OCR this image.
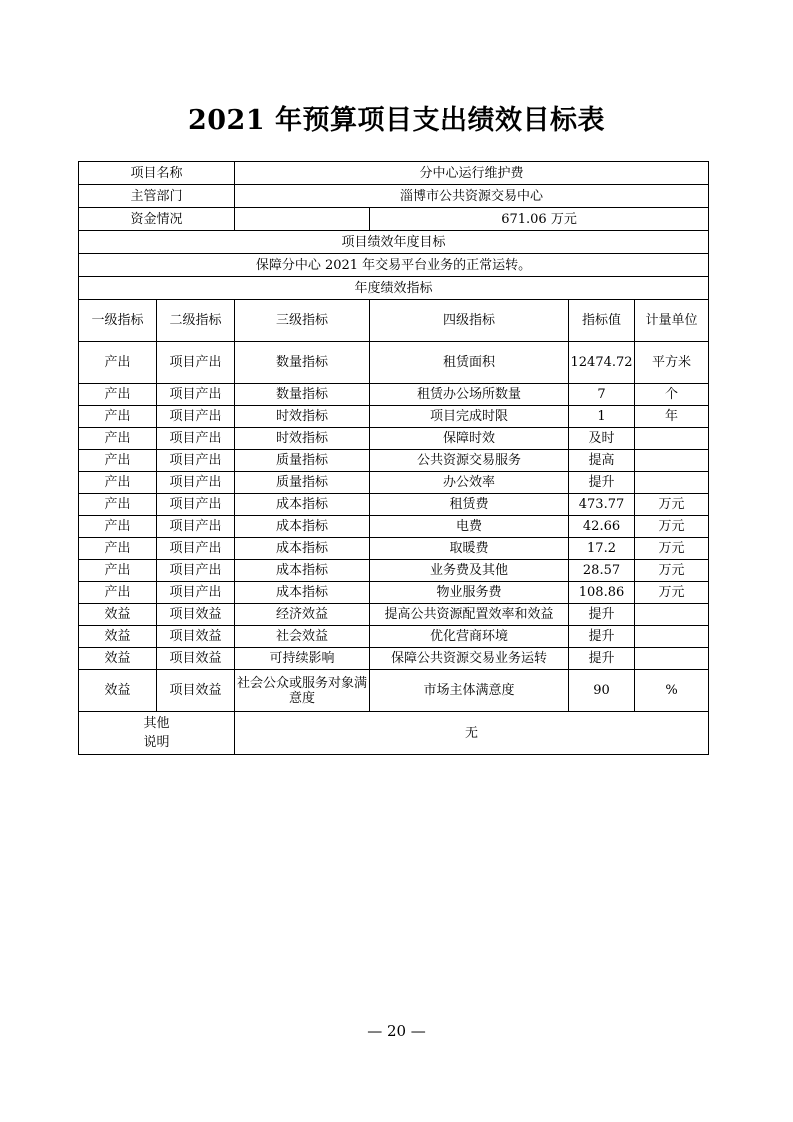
2021 年预算项目支出绩效目标表
项目名称		分中心运行维护费			
主管部门		淄博市公共资源交易中心			
资金情况			671.06 万元		
项目绩效年度目标					
保障分中心 2021 年交易平台业务的正常运转。					
年度绩效指标					
一级指标	二级指标	三级指标	四级指标	指标值	计量单位
产出	项目产出	数量指标	租赁面积	12474.72	平方米
产出	项目产出	数量指标	租赁办公场所数量	7	个
产出	项目产出	时效指标	项目完成时限	1	年
产出	项目产出	时效指标	保障时效	及时	
产出	项目产出	质量指标	公共资源交易服务	提高	
产出	项目产出	质量指标	办公效率	提升	
产出	项目产出	成本指标	租赁费	473.77	万元
产出	项目产出	成本指标	电费	42.66	万元
产出	项目产出	成本指标	取暖费	17.2	万元
产出	项目产出	成本指标	业务费及其他	28.57	万元
产出	项目产出	成本指标	物业服务费	108.86	万元
效益	项目效益	经济效益	提高公共资源配置效率和效益	提升	
效益	项目效益	社会效益	优化营商环境	提升	
效益	项目效益	可持续影响	保障公共资源交易业务运转	提升	
效益	项目效益	社会公众或服务对象满意度	市场主体满意度	90	%
其他说明		无			
— 20 —
